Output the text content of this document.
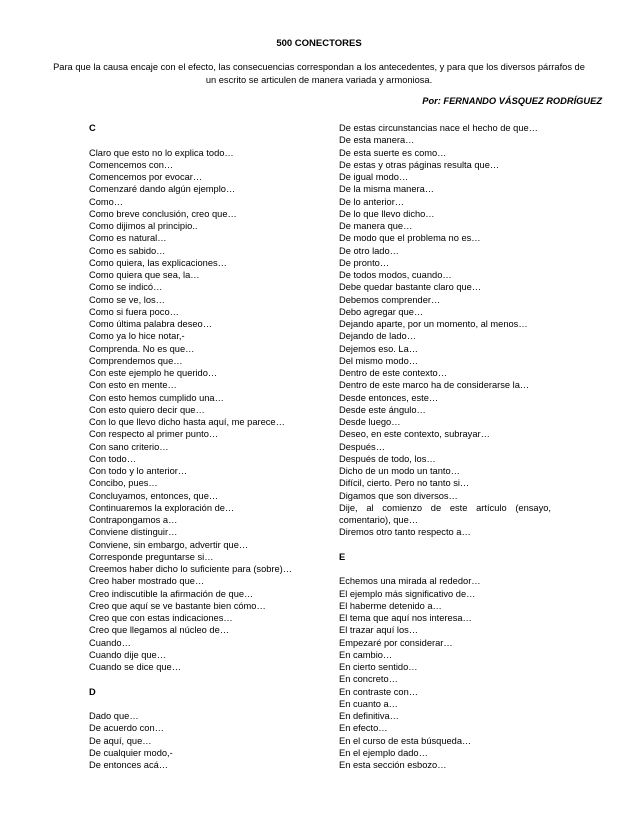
500 CONECTORES
Para que la causa encaje con el efecto, las consecuencias correspondan a los antecedentes, y para que los diversos párrafos de un escrito se articulen de manera variada y armoniosa.
Por: FERNANDO VÁSQUEZ RODRÍGUEZ
C
Claro que esto no lo explica todo…
Comencemos con…
Comencemos por evocar…
Comenzaré dando algún ejemplo…
Como…
Como breve conclusión, creo que…
Como dijimos al principio..
Como es natural…
Como es sabido…
Como quiera, las explicaciones…
Como quiera que sea, la…
Como se indicó…
Como se ve, los…
Como si fuera poco…
Como última palabra deseo…
Como ya lo hice notar,-
Comprenda. No es que…
Comprendemos que…
Con este ejemplo he querido…
Con esto en mente…
Con esto hemos cumplido una…
Con esto quiero decir que…
Con lo que llevo dicho hasta aquí, me parece…
Con respecto al primer punto…
Con sano criterio…
Con todo…
Con todo y lo anterior…
Concibo, pues…
Concluyamos, entonces, que…
Continuaremos la exploración de…
Contrapongamos a…
Conviene distinguir…
Conviene, sin embargo, advertir que…
Corresponde preguntarse si…
Creemos haber dicho lo suficiente para (sobre)…
Creo haber mostrado que…
Creo indiscutible la afirmación de que…
Creo que aquí se ve bastante bien cómo…
Creo que con estas indicaciones…
Creo que llegamos al núcleo de…
Cuando…
Cuando dije que…
Cuando se dice que…
D
Dado que…
De acuerdo con…
De aquí, que…
De cualquier modo,-
De entonces acá…
De estas circunstancias nace el hecho de que…
De esta manera…
De esta suerte es como…
De estas y otras páginas resulta que…
De igual modo…
De la misma manera…
De lo anterior…
De lo que llevo dicho…
De manera que…
De modo que el problema no es…
De otro lado…
De pronto…
De todos modos, cuando…
Debe quedar bastante claro que…
Debemos comprender…
Debo agregar que…
Dejando aparte, por un momento, al menos…
Dejando de lado…
Dejemos eso. La…
Del mismo modo…
Dentro de este contexto…
Dentro de este marco ha de considerarse la…
Desde entonces, este…
Desde este ángulo…
Desde luego…
Deseo, en este contexto, subrayar…
Después…
Después de todo, los…
Dicho de un modo un tanto…
Difícil, cierto. Pero no tanto si…
Digamos que son diversos…
Dije, al comienzo de este artículo (ensayo, comentario), que…
Diremos otro tanto respecto a…
E
Echemos una mirada al rededor…
El ejemplo más significativo de…
El haberme detenido a…
El tema que aquí nos interesa…
El trazar aquí los…
Empezaré por considerar…
En cambio…
En cierto sentido…
En concreto…
En contraste con…
En cuanto a…
En definitiva…
En efecto…
En el curso de esta búsqueda…
En el ejemplo dado…
En esta sección esbozo…
